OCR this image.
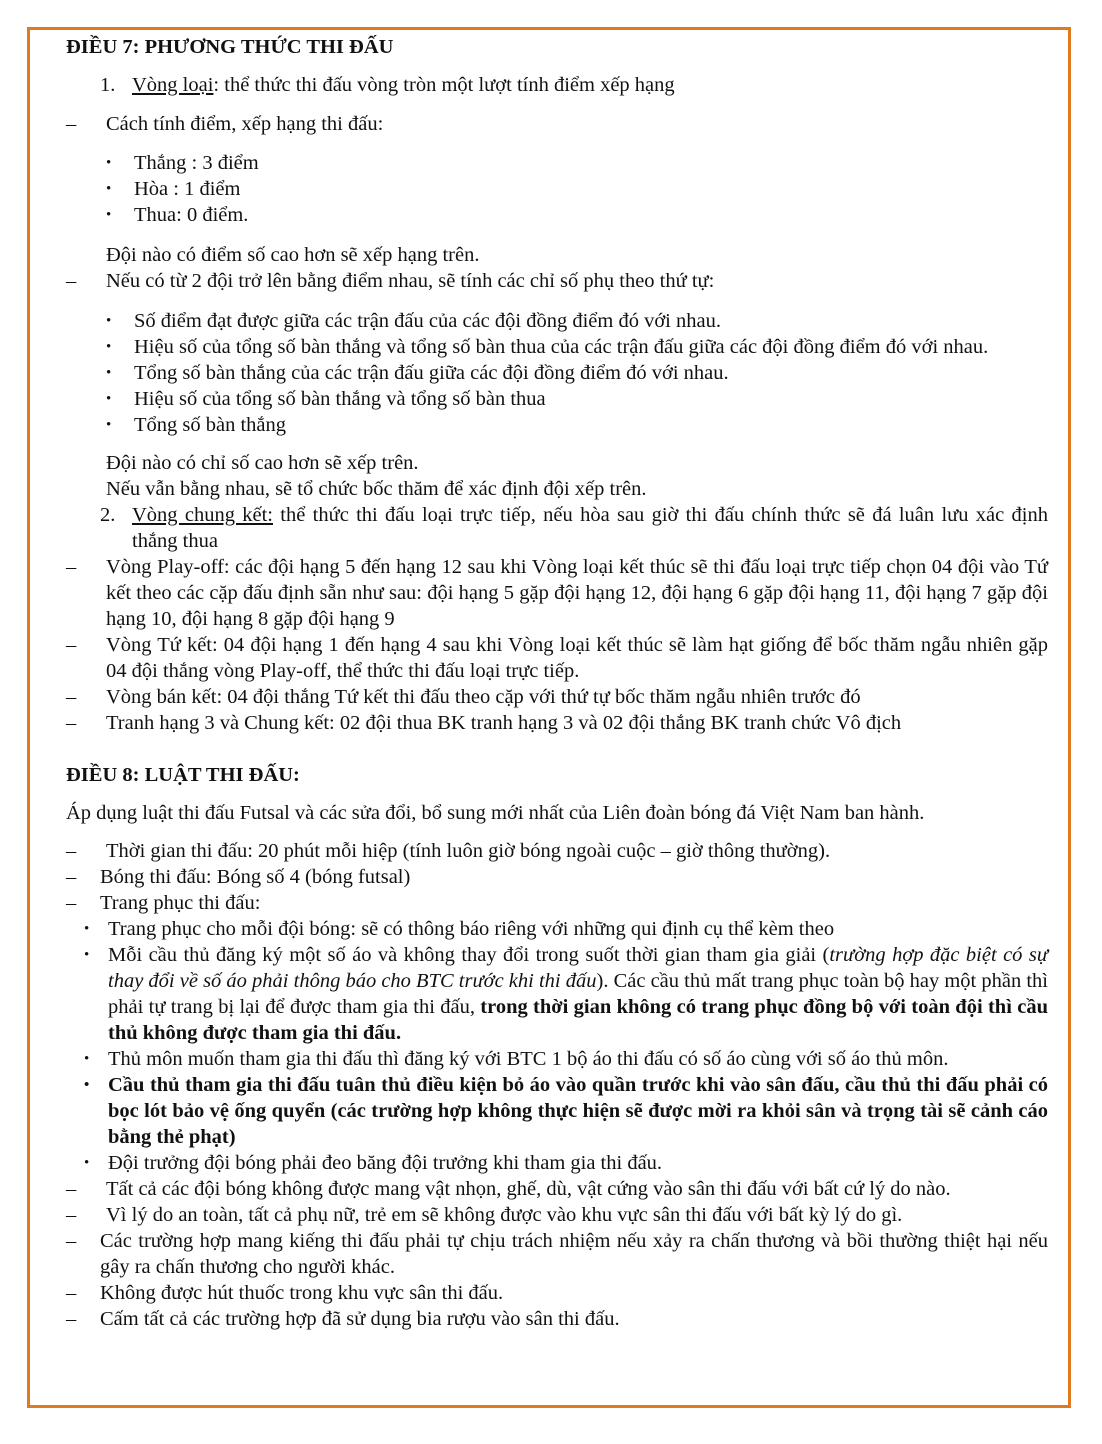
ĐIỀU 7: PHƯƠNG THỨC THI ĐẤU

1. Vòng loại: thể thức thi đấu vòng tròn một lượt tính điểm xếp hạng

– Cách tính điểm, xếp hạng thi đấu:

• Thắng : 3 điểm

• Hòa : 1 điểm

• Thua: 0 điểm.

Đội nào có điểm số cao hơn sẽ xếp hạng trên.

– Nếu có từ 2 đội trở lên bằng điểm nhau, sẽ tính các chỉ số phụ theo thứ tự:

• Số điểm đạt được giữa các trận đấu của các đội đồng điểm đó với nhau.

• Hiệu số của tổng số bàn thắng và tổng số bàn thua của các trận đấu giữa các đội đồng điểm đó với nhau.

• Tổng số bàn thắng của các trận đấu giữa các đội đồng điểm đó với nhau.

• Hiệu số của tổng số bàn thắng và tổng số bàn thua

• Tổng số bàn thắng

Đội nào có chỉ số cao hơn sẽ xếp trên.

Nếu vẫn bằng nhau, sẽ tổ chức bốc thăm để xác định đội xếp trên.

2. Vòng chung kết: thể thức thi đấu loại trực tiếp, nếu hòa sau giờ thi đấu chính thức sẽ đá luân lưu xác định thắng thua

– Vòng Play-off: các đội hạng 5 đến hạng 12 sau khi Vòng loại kết thúc sẽ thi đấu loại trực tiếp chọn 04 đội vào Tứ kết theo các cặp đấu định sẵn như sau: đội hạng 5 gặp đội hạng 12, đội hạng 6 gặp đội hạng 11, đội hạng 7 gặp đội hạng 10, đội hạng 8 gặp đội hạng 9

– Vòng Tứ kết: 04 đội hạng 1 đến hạng 4 sau khi Vòng loại kết thúc sẽ làm hạt giống để bốc thăm ngẫu nhiên gặp 04 đội thắng vòng Play-off, thể thức thi đấu loại trực tiếp.

– Vòng bán kết: 04 đội thắng Tứ kết thi đấu theo cặp với thứ tự bốc thăm ngẫu nhiên trước đó

– Tranh hạng 3 và Chung kết: 02 đội thua BK tranh hạng 3 và 02 đội thắng BK tranh chức Vô địch

ĐIỀU 8: LUẬT THI ĐẤU:

Áp dụng luật thi đấu Futsal và các sửa đổi, bổ sung mới nhất của Liên đoàn bóng đá Việt Nam ban hành.

– Thời gian thi đấu: 20 phút mỗi hiệp (tính luôn giờ bóng ngoài cuộc – giờ thông thường).

– Bóng thi đấu: Bóng số 4 (bóng futsal)

– Trang phục thi đấu:

• Trang phục cho mỗi đội bóng: sẽ có thông báo riêng với những qui định cụ thể kèm theo

• Mỗi cầu thủ đăng ký một số áo và không thay đổi trong suốt thời gian tham gia giải (trường hợp đặc biệt có sự thay đổi về số áo phải thông báo cho BTC trước khi thi đấu). Các cầu thủ mất trang phục toàn bộ hay một phần thì phải tự trang bị lại để được tham gia thi đấu, trong thời gian không có trang phục đồng bộ với toàn đội thì cầu thủ không được tham gia thi đấu.

• Thủ môn muốn tham gia thi đấu thì đăng ký với BTC 1 bộ áo thi đấu có số áo cùng với số áo thủ môn.

• Cầu thủ tham gia thi đấu tuân thủ điều kiện bỏ áo vào quần trước khi vào sân đấu, cầu thủ thi đấu phải có bọc lót bảo vệ ống quyển (các trường hợp không thực hiện sẽ được mời ra khỏi sân và trọng tài sẽ cảnh cáo bằng thẻ phạt)

• Đội trưởng đội bóng phải đeo băng đội trưởng khi tham gia thi đấu.

– Tất cả các đội bóng không được mang vật nhọn, ghế, dù, vật cứng vào sân thi đấu với bất cứ lý do nào.

– Vì lý do an toàn, tất cả phụ nữ, trẻ em sẽ không được vào khu vực sân thi đấu với bất kỳ lý do gì.

– Các trường hợp mang kiếng thi đấu phải tự chịu trách nhiệm nếu xảy ra chấn thương và bồi thường thiệt hại nếu gây ra chấn thương cho người khác.

– Không được hút thuốc trong khu vực sân thi đấu.

– Cấm tất cả các trường hợp đã sử dụng bia rượu vào sân thi đấu.
